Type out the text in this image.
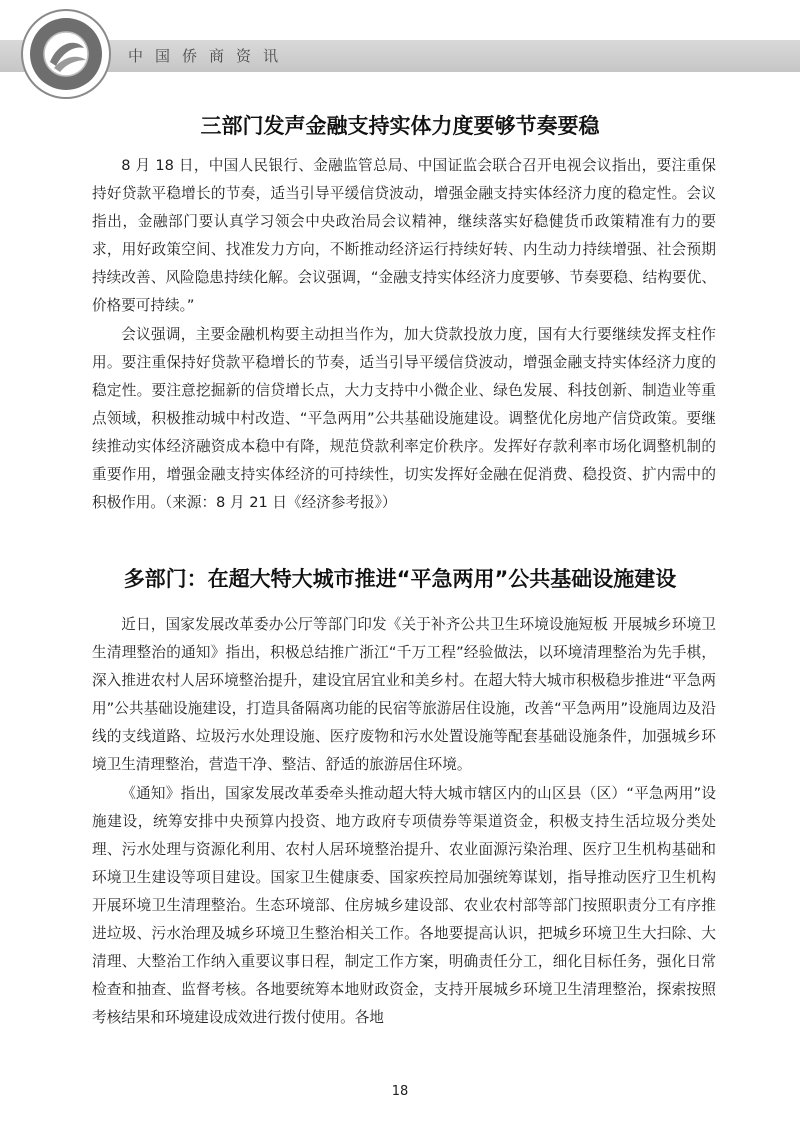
中国侨商资讯
三部门发声金融支持实体力度要够节奏要稳

8 月 18 日，中国人民银行、金融监管总局、中国证监会联合召开电视会议指出，要注重保持好贷款平稳增长的节奏，适当引导平缓信贷波动，增强金融支持实体经济力度的稳定性。会议指出，金融部门要认真学习领会中央政治局会议精神，继续落实好稳健货币政策精准有力的要求，用好政策空间、找准发力方向，不断推动经济运行持续好转、内生动力持续增强、社会预期持续改善、风险隐患持续化解。会议强调，“金融支持实体经济力度要够、节奏要稳、结构要优、价格要可持续。”

会议强调，主要金融机构要主动担当作为，加大贷款投放力度，国有大行要继续发挥支柱作用。要注重保持好贷款平稳增长的节奏，适当引导平缓信贷波动，增强金融支持实体经济力度的稳定性。要注意挖掘新的信贷增长点，大力支持中小微企业、绿色发展、科技创新、制造业等重点领域，积极推动城中村改造、“平急两用”公共基础设施建设。调整优化房地产信贷政策。要继续推动实体经济融资成本稳中有降，规范贷款利率定价秩序。发挥好存款利率市场化调整机制的重要作用，增强金融支持实体经济的可持续性，切实发挥好金融在促消费、稳投资、扩内需中的积极作用。（来源：8 月 21 日《经济参考报》）

多部门：在超大特大城市推进“平急两用”公共基础设施建设

近日，国家发展改革委办公厅等部门印发《关于补齐公共卫生环境设施短板 开展城乡环境卫生清理整治的通知》指出，积极总结推广浙江“千万工程”经验做法，以环境清理整治为先手棋，深入推进农村人居环境整治提升，建设宜居宜业和美乡村。在超大特大城市积极稳步推进“平急两用”公共基础设施建设，打造具备隔离功能的民宿等旅游居住设施，改善“平急两用”设施周边及沿线的支线道路、垃圾污水处理设施、医疗废物和污水处置设施等配套基础设施条件，加强城乡环境卫生清理整治，营造干净、整洁、舒适的旅游居住环境。

《通知》指出，国家发展改革委牵头推动超大特大城市辖区内的山区县（区）“平急两用”设施建设，统筹安排中央预算内投资、地方政府专项债券等渠道资金，积极支持生活垃圾分类处理、污水处理与资源化利用、农村人居环境整治提升、农业面源污染治理、医疗卫生机构基础和环境卫生建设等项目建设。国家卫生健康委、国家疾控局加强统筹谋划，指导推动医疗卫生机构开展环境卫生清理整治。生态环境部、住房城乡建设部、农业农村部等部门按照职责分工有序推进垃圾、污水治理及城乡环境卫生整治相关工作。各地要提高认识，把城乡环境卫生大扫除、大清理、大整治工作纳入重要议事日程，制定工作方案，明确责任分工，细化目标任务，强化日常检查和抽查、监督考核。各地要统筹本地财政资金，支持开展城乡环境卫生清理整治，探索按照考核结果和环境建设成效进行拨付使用。各地

18
